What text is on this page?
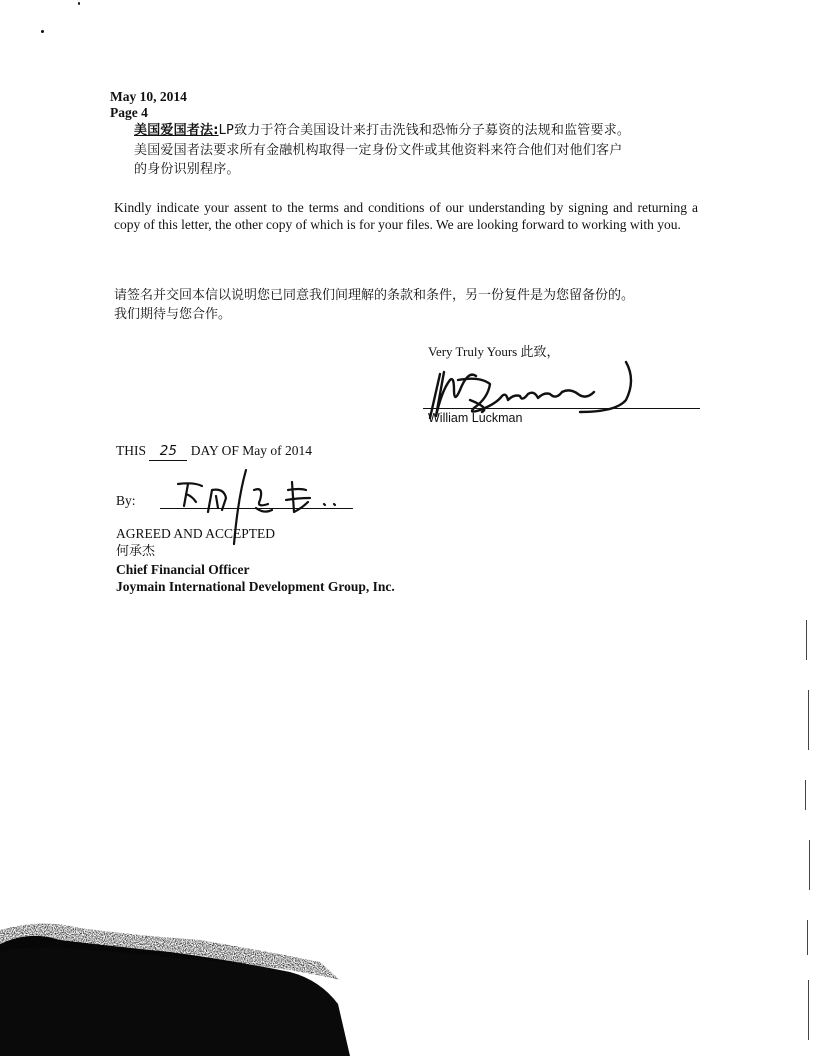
May 10, 2014
Page 4
美国爱国者法:LP致力于符合美国设计来打击洗钱和恐怖分子募资的法规和监管要求。
美国爱国者法要求所有金融机构取得一定身份文件或其他资料来符合他们对他们客户
的身份识别程序。
Kindly indicate your assent to the terms and conditions of our understanding by signing and returning a copy of this letter, the other copy of which is for your files. We are looking forward to working with you.
请签名并交回本信以说明您已同意我们间理解的条款和条件，另一份复件是为您留备份的。
我们期待与您合作。
Very Truly Yours 此致，
William Luckman
THIS 25 DAY OF May of 2014
By:
AGREED AND ACCEPTED
何承杰
Chief Financial Officer
Joymain International Development Group, Inc.
